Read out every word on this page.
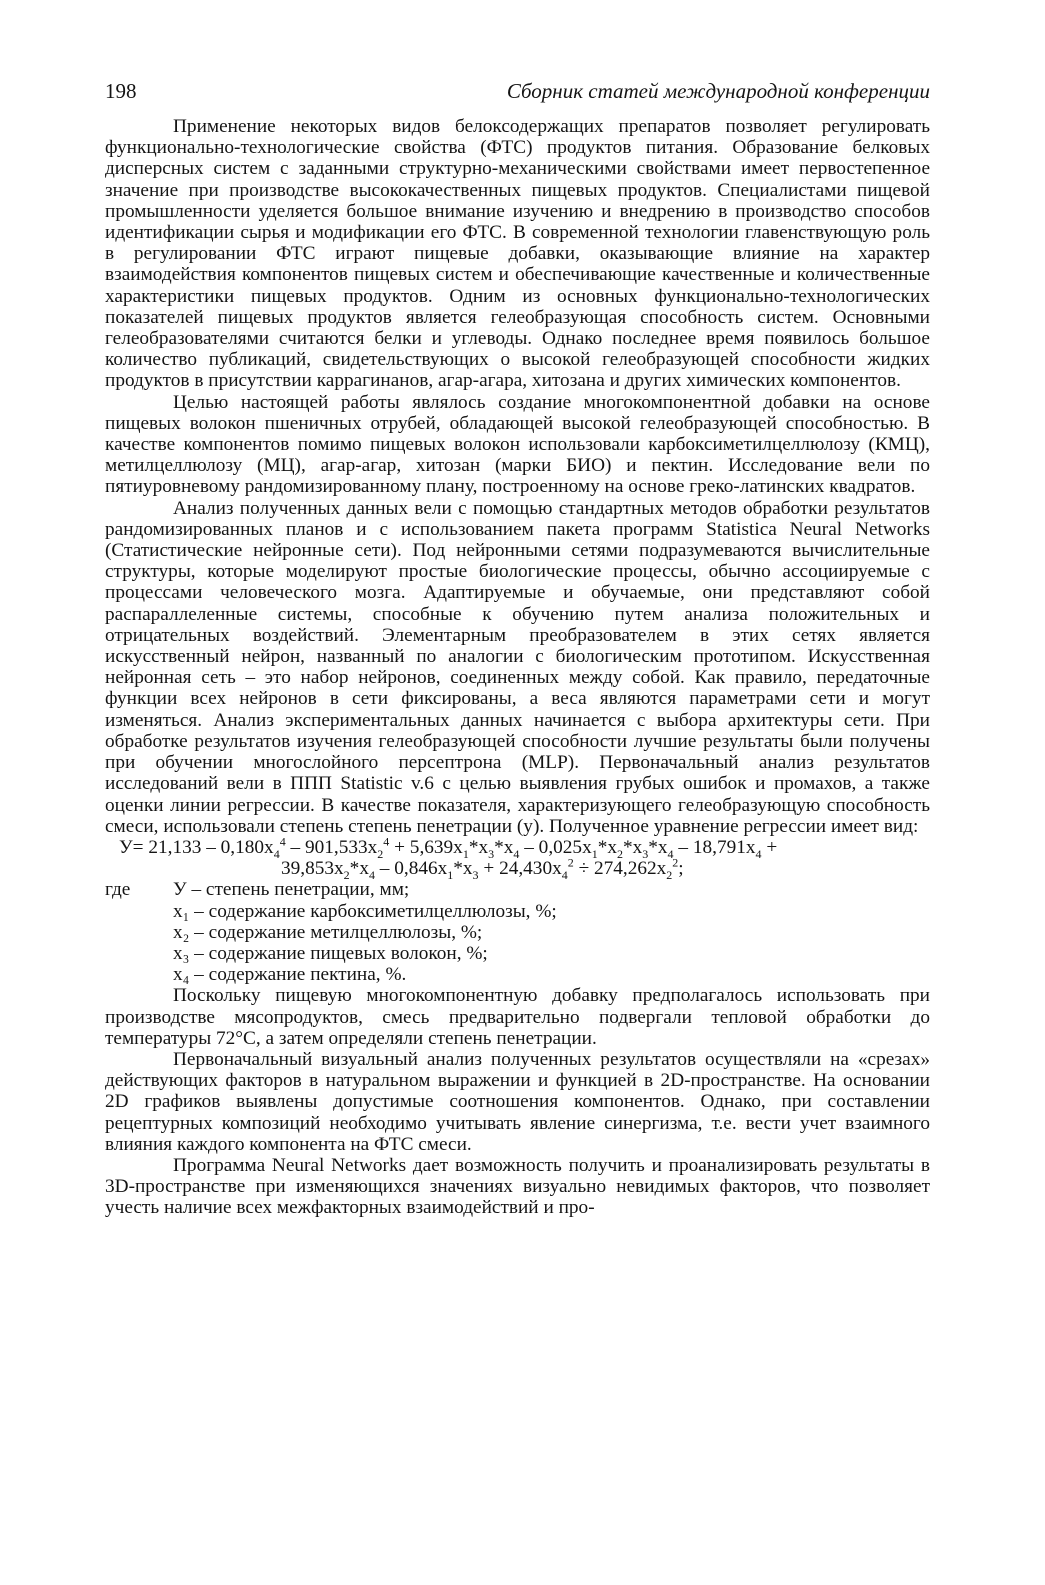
198	Сборник статей международной конференции

Применение некоторых видов белоксодержащих препаратов позволяет регулировать функционально-технологические свойства (ФТС) продуктов питания. Образование белковых дисперсных систем с заданными структурно-механическими свойствами имеет первостепенное значение при производстве высококачественных пищевых продуктов. Специалистами пищевой промышленности уделяется большое внимание изучению и внедрению в производство способов идентификации сырья и модификации его ФТС. В современной технологии главенствующую роль в регулировании ФТС играют пищевые добавки, оказывающие влияние на характер взаимодействия компонентов пищевых систем и обеспечивающие качественные и количественные характеристики пищевых продуктов. Одним из основных функционально-технологических показателей пищевых продуктов является гелеобразующая способность систем. Основными гелеобразователями считаются белки и углеводы. Однако последнее время появилось большое количество публикаций, свидетельствующих о высокой гелеобразующей способности жидких продуктов в присутствии каррагинанов, агар-агара, хитозана и других химических компонентов.

Целью настоящей работы являлось создание многокомпонентной добавки на основе пищевых волокон пшеничных отрубей, обладающей высокой гелеобразующей способностью. В качестве компонентов помимо пищевых волокон использовали карбоксиметилцеллюлозу (КМЦ), метилцеллюлозу (МЦ), агар-агар, хитозан (марки БИО) и пектин. Исследование вели по пятиуровневому рандомизированному плану, построенному на основе греко-латинских квадратов.

Анализ полученных данных вели с помощью стандартных методов обработки результатов рандомизированных планов и с использованием пакета программ Statistica Neural Networks (Статистические нейронные сети). Под нейронными сетями подразумеваются вычислительные структуры, которые моделируют простые биологические процессы, обычно ассоциируемые с процессами человеческого мозга. Адаптируемые и обучаемые, они представляют собой распараллеленные системы, способные к обучению путем анализа положительных и отрицательных воздействий. Элементарным преобразователем в этих сетях является искусственный нейрон, названный по аналогии с биологическим прототипом. Искусственная нейронная сеть – это набор нейронов, соединенных между собой. Как правило, передаточные функции всех нейронов в сети фиксированы, а веса являются параметрами сети и могут изменяться. Анализ экспериментальных данных начинается с выбора архитектуры сети. При обработке результатов изучения гелеобразующей способности лучшие результаты были получены при обучении многослойного персептрона (MLP). Первоначальный анализ результатов исследований вели в ППП Statistic v.6 с целью выявления грубых ошибок и промахов, а также оценки линии регрессии. В качестве показателя, характеризующего гелеобразующую способность смеси, использовали степень степень пенетрации (у). Полученное уравнение регрессии имеет вид:

$У= 21,133 - 0,180x_4^4 - 901,533x_2^4 + 5,639x_1*x_3*x_4 - 0,025x_1*x_2*x_3*x_4 - 18,791x_4$ +
$39,853x_2*x_4 - 0,846x_1*x_3 + 24,430x_4^2 \div 274,262x_2^2$;
где	У – степень пенетрации, мм;
x₁ – содержание карбоксиметилцеллюлозы, %;
x₂ – содержание метилцеллюлозы, %;
x₃ – содержание пищевых волокон, %;
x₄ – содержание пектина, %.

Поскольку пищевую многокомпонентную добавку предполагалось использовать при производстве мясопродуктов, смесь предварительно подвергали тепловой обработки до температуры 72°С, а затем определяли степень пенетрации.

Первоначальный визуальный анализ полученных результатов осуществляли на «срезах» действующих факторов в натуральном выражении и функцией в 2D-пространстве. На основании 2D графиков выявлены допустимые соотношения компонентов. Однако, при составлении рецептурных композиций необходимо учитывать явление синергизма, т.е. вести учет взаимного влияния каждого компонента на ФТС смеси.

Программа Neural Networks дает возможность получить и проанализировать результаты в 3D-пространстве при изменяющихся значениях визуально невидимых факторов, что позволяет учесть наличие всех межфакторных взаимодействий и про-
